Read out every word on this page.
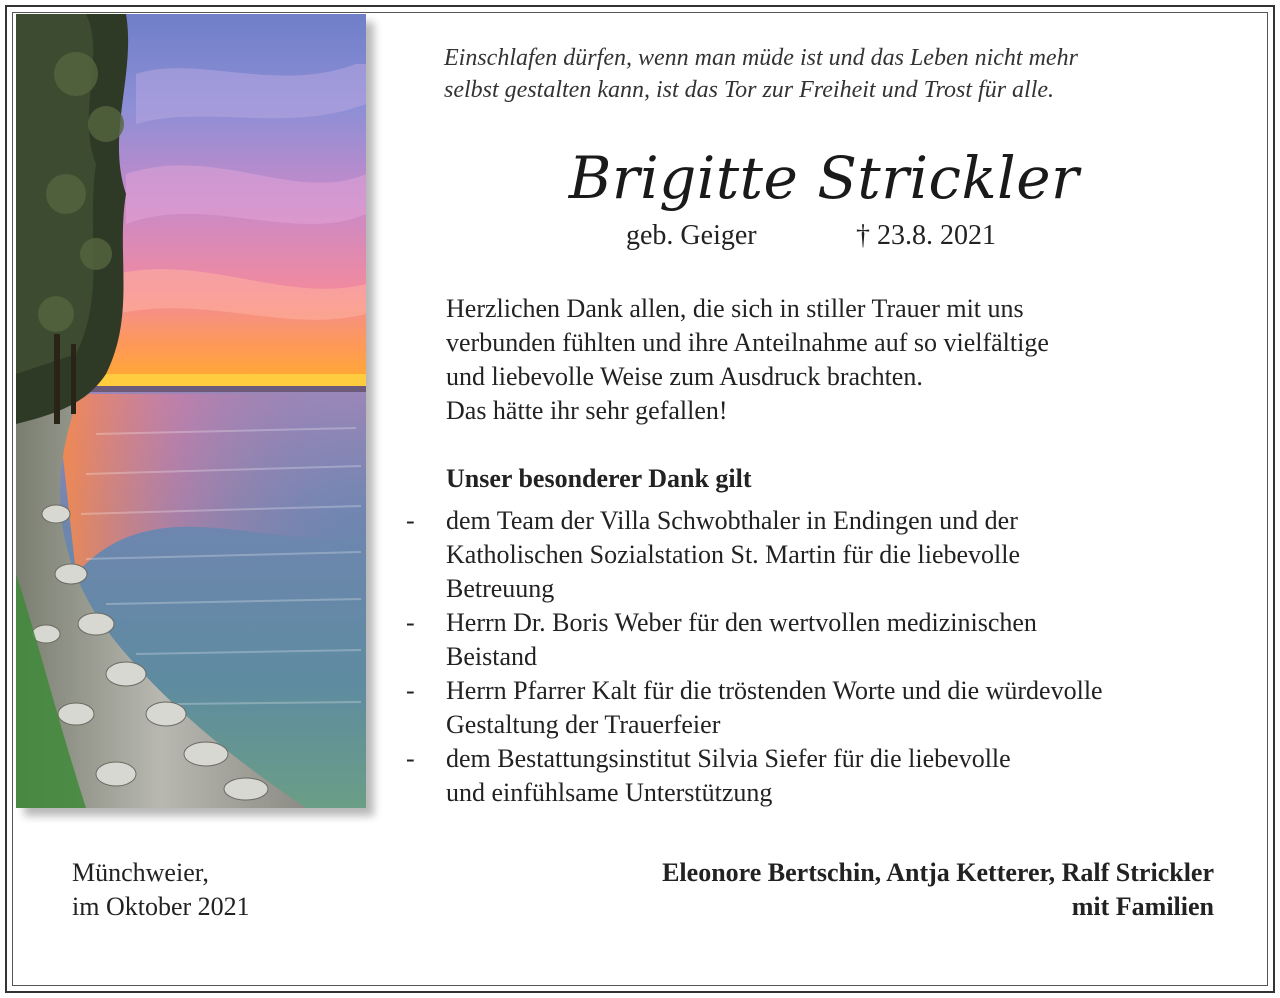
Einschlafen dürfen, wenn man müde ist und das Leben nicht mehr
selbst gestalten kann, ist das Tor zur Freiheit und Trost für alle.
Brigitte Strickler
geb. Geiger	† 23.8. 2021
Herzlichen Dank allen, die sich in stiller Trauer mit uns
verbunden fühlten und ihre Anteilnahme auf so vielfältige
und liebevolle Weise zum Ausdruck brachten.
Das hätte ihr sehr gefallen!
Unser besonderer Dank gilt
- dem Team der Villa Schwobthaler in Endingen und der
Katholischen Sozialstation St. Martin für die liebevolle
Betreuung
- Herrn Dr. Boris Weber für den wertvollen medizinischen
Beistand
- Herrn Pfarrer Kalt für die tröstenden Worte und die würdevolle
Gestaltung der Trauerfeier
- dem Bestattungsinstitut Silvia Siefer für die liebevolle
und einfühlsame Unterstützung
Münchweier,
im Oktober 2021
Eleonore Bertschin, Antja Ketterer, Ralf Strickler
mit Familien
